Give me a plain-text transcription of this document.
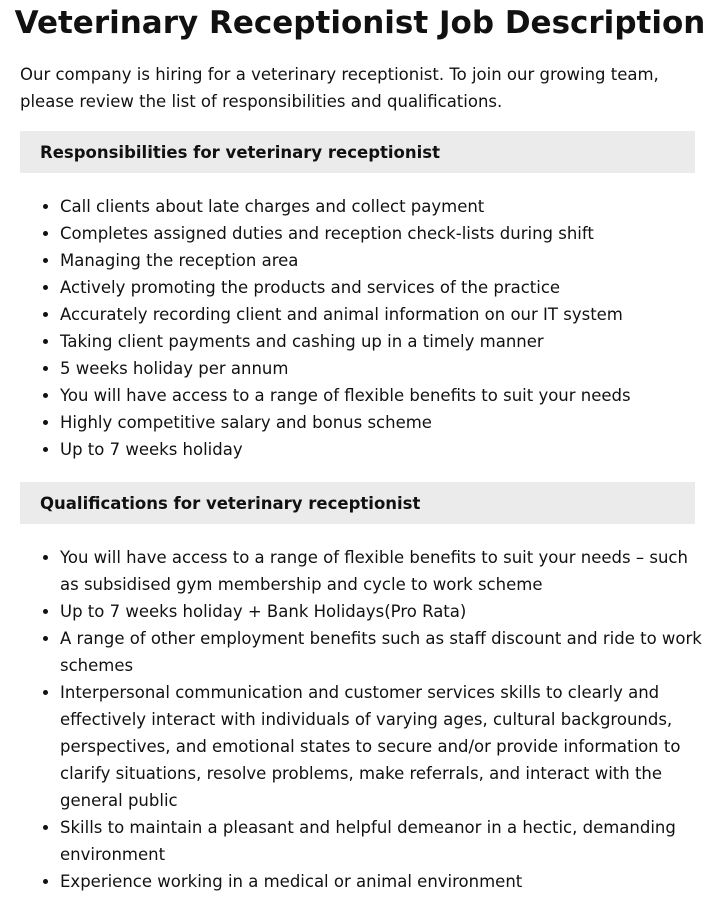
Veterinary Receptionist Job Description

Our company is hiring for a veterinary receptionist. To join our growing team, please review the list of responsibilities and qualifications.

Responsibilities for veterinary receptionist
Call clients about late charges and collect payment
Completes assigned duties and reception check-lists during shift
Managing the reception area
Actively promoting the products and services of the practice
Accurately recording client and animal information on our IT system
Taking client payments and cashing up in a timely manner
5 weeks holiday per annum
You will have access to a range of flexible benefits to suit your needs
Highly competitive salary and bonus scheme
Up to 7 weeks holiday
Qualifications for veterinary receptionist
You will have access to a range of flexible benefits to suit your needs – such as subsidised gym membership and cycle to work scheme
Up to 7 weeks holiday + Bank Holidays(Pro Rata)
A range of other employment benefits such as staff discount and ride to work schemes
Interpersonal communication and customer services skills to clearly and effectively interact with individuals of varying ages, cultural backgrounds, perspectives, and emotional states to secure and/or provide information to clarify situations, resolve problems, make referrals, and interact with the general public
Skills to maintain a pleasant and helpful demeanor in a hectic, demanding environment
Experience working in a medical or animal environment
